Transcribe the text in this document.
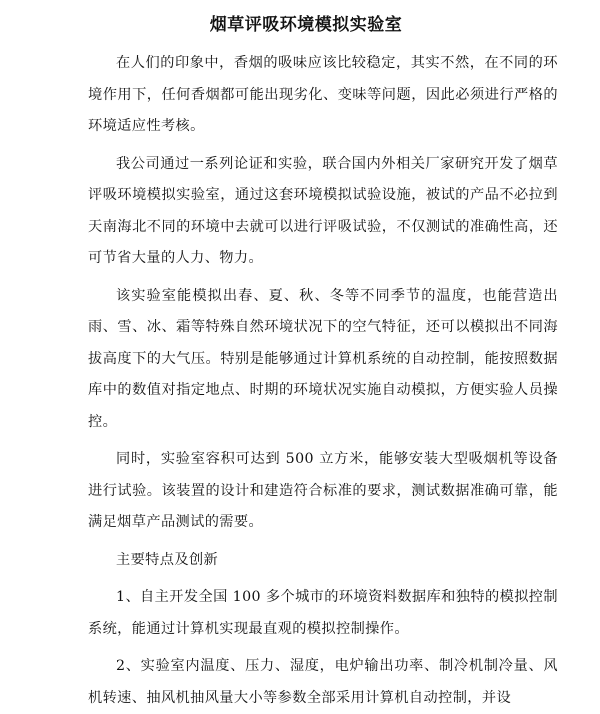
烟草评吸环境模拟实验室

在人们的印象中，香烟的吸味应该比较稳定，其实不然，在不同的环境作用下，任何香烟都可能出现劣化、变味等问题，因此必须进行严格的环境适应性考核。

我公司通过一系列论证和实验，联合国内外相关厂家研究开发了烟草评吸环境模拟实验室，通过这套环境模拟试验设施，被试的产品不必拉到天南海北不同的环境中去就可以进行评吸试验，不仅测试的准确性高，还可节省大量的人力、物力。

该实验室能模拟出春、夏、秋、冬等不同季节的温度，也能营造出雨、雪、冰、霜等特殊自然环境状况下的空气特征，还可以模拟出不同海拔高度下的大气压。特别是能够通过计算机系统的自动控制，能按照数据库中的数值对指定地点、时期的环境状况实施自动模拟，方便实验人员操控。

同时，实验室容积可达到 500 立方米，能够安装大型吸烟机等设备进行试验。该装置的设计和建造符合标准的要求，测试数据准确可靠，能满足烟草产品测试的需要。

主要特点及创新

1、自主开发全国 100 多个城市的环境资料数据库和独特的模拟控制系统，能通过计算机实现最直观的模拟控制操作。

2、实验室内温度、压力、湿度，电炉输出功率、制冷机制冷量、风机转速、抽风机抽风量大小等参数全部采用计算机自动控制，并设
